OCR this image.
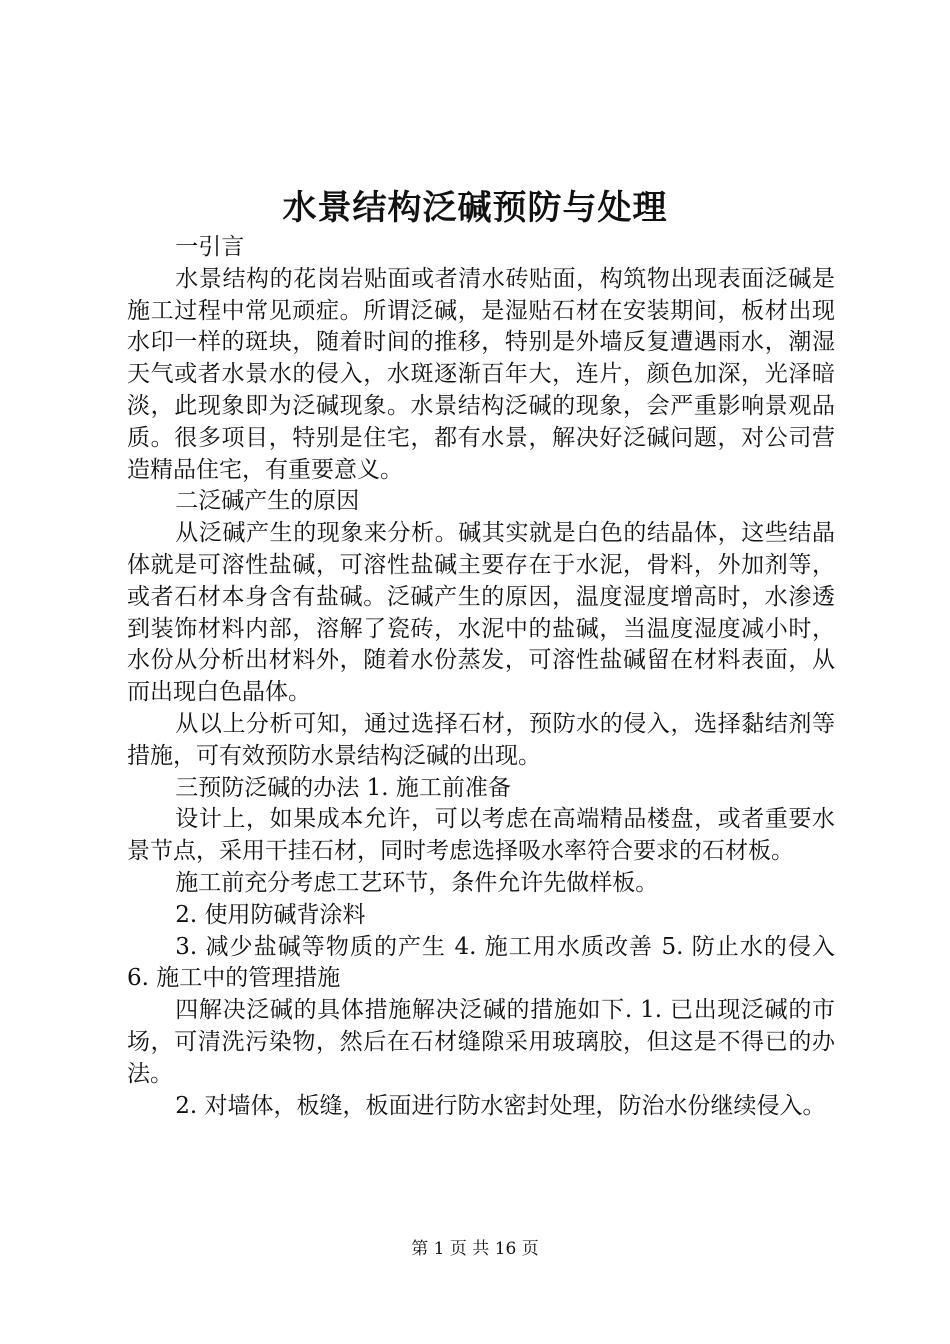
水景结构泛碱预防与处理

一引言

水景结构的花岗岩贴面或者清水砖贴面，构筑物出现表面泛碱是施工过程中常见顽症。所谓泛碱，是湿贴石材在安装期间，板材出现水印一样的斑块，随着时间的推移，特别是外墙反复遭遇雨水，潮湿天气或者水景水的侵入，水斑逐渐百年大，连片，颜色加深，光泽暗淡，此现象即为泛碱现象。水景结构泛碱的现象，会严重影响景观品质。很多项目，特别是住宅，都有水景，解决好泛碱问题，对公司营造精品住宅，有重要意义。

二泛碱产生的原因

从泛碱产生的现象来分析。碱其实就是白色的结晶体，这些结晶体就是可溶性盐碱，可溶性盐碱主要存在于水泥，骨料，外加剂等，或者石材本身含有盐碱。泛碱产生的原因，温度湿度增高时，水渗透到装饰材料内部，溶解了瓷砖，水泥中的盐碱，当温度湿度减小时，水份从分析出材料外，随着水份蒸发，可溶性盐碱留在材料表面，从而出现白色晶体。

从以上分析可知，通过选择石材，预防水的侵入，选择黏结剂等措施，可有效预防水景结构泛碱的出现。

三预防泛碱的办法 1. 施工前准备

设计上，如果成本允许，可以考虑在高端精品楼盘，或者重要水景节点，采用干挂石材，同时考虑选择吸水率符合要求的石材板。

施工前充分考虑工艺环节，条件允许先做样板。

2. 使用防碱背涂料

3. 减少盐碱等物质的产生 4. 施工用水质改善 5. 防止水的侵入 6. 施工中的管理措施

四解决泛碱的具体措施解决泛碱的措施如下. 1. 已出现泛碱的市场，可清洗污染物，然后在石材缝隙采用玻璃胶，但这是不得已的办法。

2. 对墙体，板缝，板面进行防水密封处理，防治水份继续侵入。

第 1 页 共 16 页
